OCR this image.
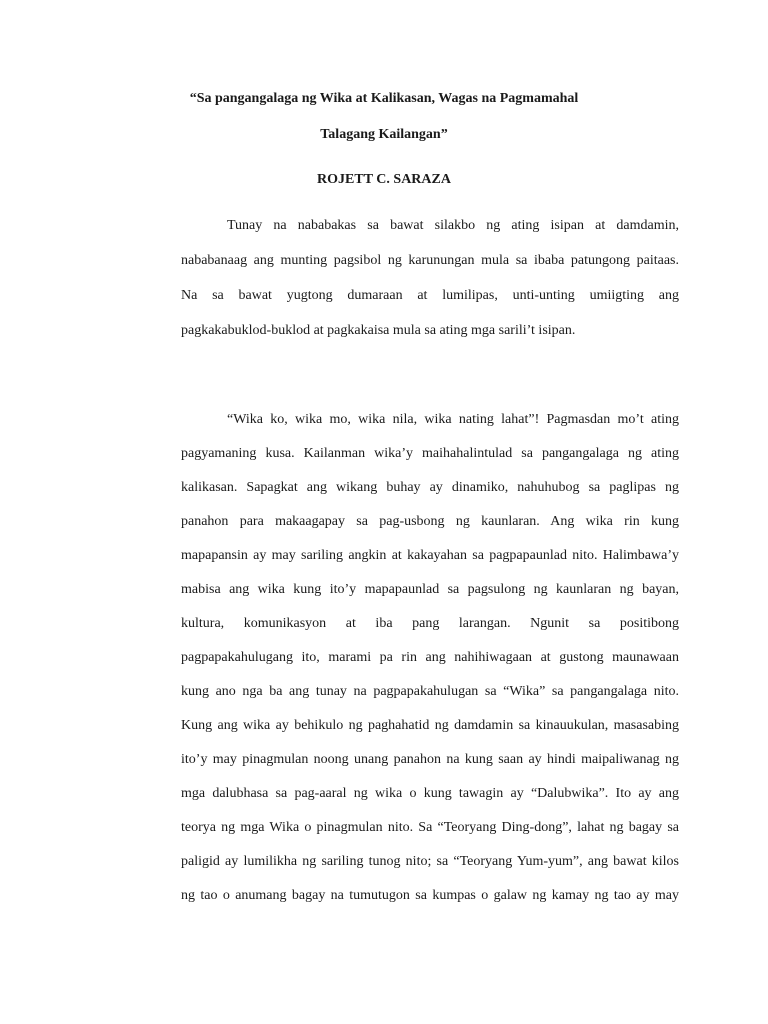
“Sa pangangalaga ng Wika at Kalikasan, Wagas na Pagmamahal
Talagang Kailangan”
ROJETT C. SARAZA
Tunay na nababakas sa bawat silakbo ng ating isipan at damdamin,
nababanaag ang munting pagsibol ng karunungan mula sa ibaba patungong paitaas.
Na sa bawat yugtong dumaraan at lumilipas, unti-unting umiigting ang
pagkakabuklod-buklod at pagkakaisa mula sa ating mga sarili’t isipan.
“Wika ko, wika mo, wika nila, wika nating lahat”! Pagmasdan mo’t ating
pagyamaning kusa. Kailanman wika’y maihahalintulad sa pangangalaga ng ating
kalikasan. Sapagkat ang wikang buhay ay dinamiko, nahuhubog sa paglipas ng
panahon para makaagapay sa pag-usbong ng kaunlaran. Ang wika rin kung
mapapansin ay may sariling angkin at kakayahan sa pagpapaunlad nito. Halimbawa’y
mabisa ang wika kung ito’y mapapaunlad sa pagsulong ng kaunlaran ng bayan,
kultura, komunikasyon at iba pang larangan. Ngunit sa positibong
pagpapakahulugang ito, marami pa rin ang nahihiwagaan at gustong maunawaan
kung ano nga ba ang tunay na pagpapakahulugan sa “Wika” sa pangangalaga nito.
Kung ang wika ay behikulo ng paghahatid ng damdamin sa kinauukulan, masasabing
ito’y may pinagmulan noong unang panahon na kung saan ay hindi maipaliwanag ng
mga dalubhasa sa pag-aaral ng wika o kung tawagin ay “Dalubwika”. Ito ay ang
teorya ng mga Wika o pinagmulan nito. Sa “Teoryang Ding-dong”, lahat ng bagay sa
paligid ay lumilikha ng sariling tunog nito; sa “Teoryang Yum-yum”, ang bawat kilos
ng tao o anumang bagay na tumutugon sa kumpas o galaw ng kamay ng tao ay may
